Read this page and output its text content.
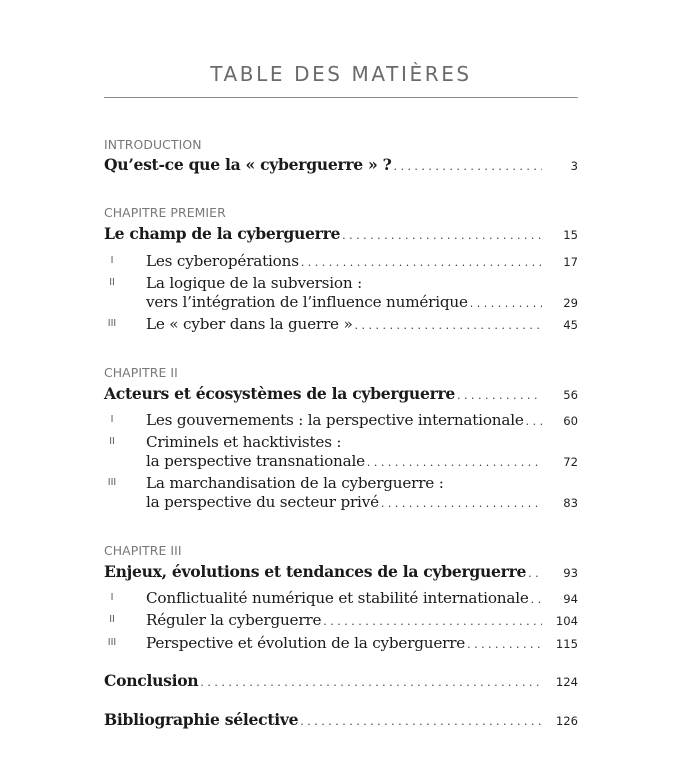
TABLE DES MATIÈRES
INTRODUCTION
Qu’est-ce que la « cyberguerre » ? . . .	3
CHAPITRE PREMIER
Le champ de la cyberguerre . . .	15
I	Les cyberopérations . . .	17
II	La logique de la subversion :
vers l’intégration de l’influence numérique . . .	29
III	Le « cyber dans la guerre » . . .	45
CHAPITRE II
Acteurs et écosystèmes de la cyberguerre . . .	56
I	Les gouvernements : la perspective internationale . . .	60
II	Criminels et hacktivistes :
la perspective transnationale . . .	72
III	La marchandisation de la cyberguerre :
la perspective du secteur privé . . .	83
CHAPITRE III
Enjeux, évolutions et tendances de la cyberguerre . . .	93
I	Conflictualité numérique et stabilité internationale . . .	94
II	Réguler la cyberguerre . . .	104
III	Perspective et évolution de la cyberguerre . . .	115
Conclusion . . .	124
Bibliographie sélective . . .	126
